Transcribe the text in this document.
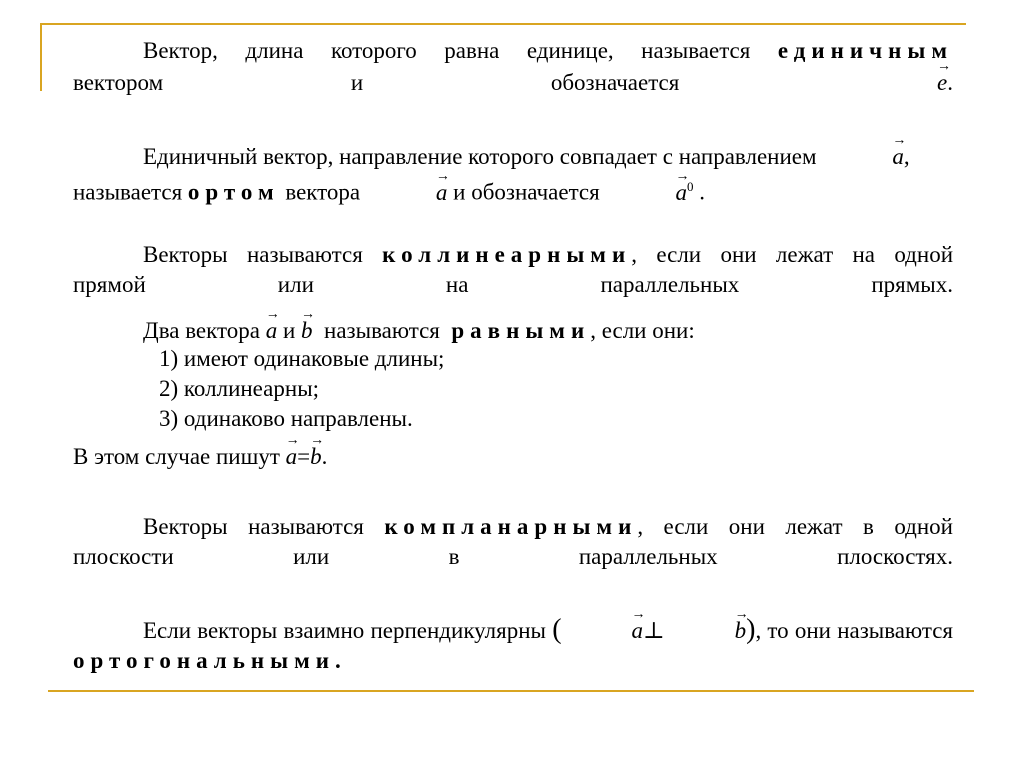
Вектор, длина которого равна единице, называется единичным
вектором и обозначается
→
e.
Единичный вектор, направление которого совпадает с направлением
→
a,
называется ортом вектора
→
a и обозначается
→
$a^0$ .
Векторы называются коллинеарными, если они лежат на одной
прямой или на параллельных прямых.
Два вектора
→
a и
→
b называются равными, если они:
1) имеют одинаковые длины;
2) коллинеарны;
3) одинаково направлены.
В этом случае пишут
→
a=
→
b.
Векторы называются компланарными, если они лежат в одной
плоскости или в параллельных плоскостях.
Если векторы взаимно перпендикулярны (	→
a⊥
→
b), то они называются
ортогональными.
